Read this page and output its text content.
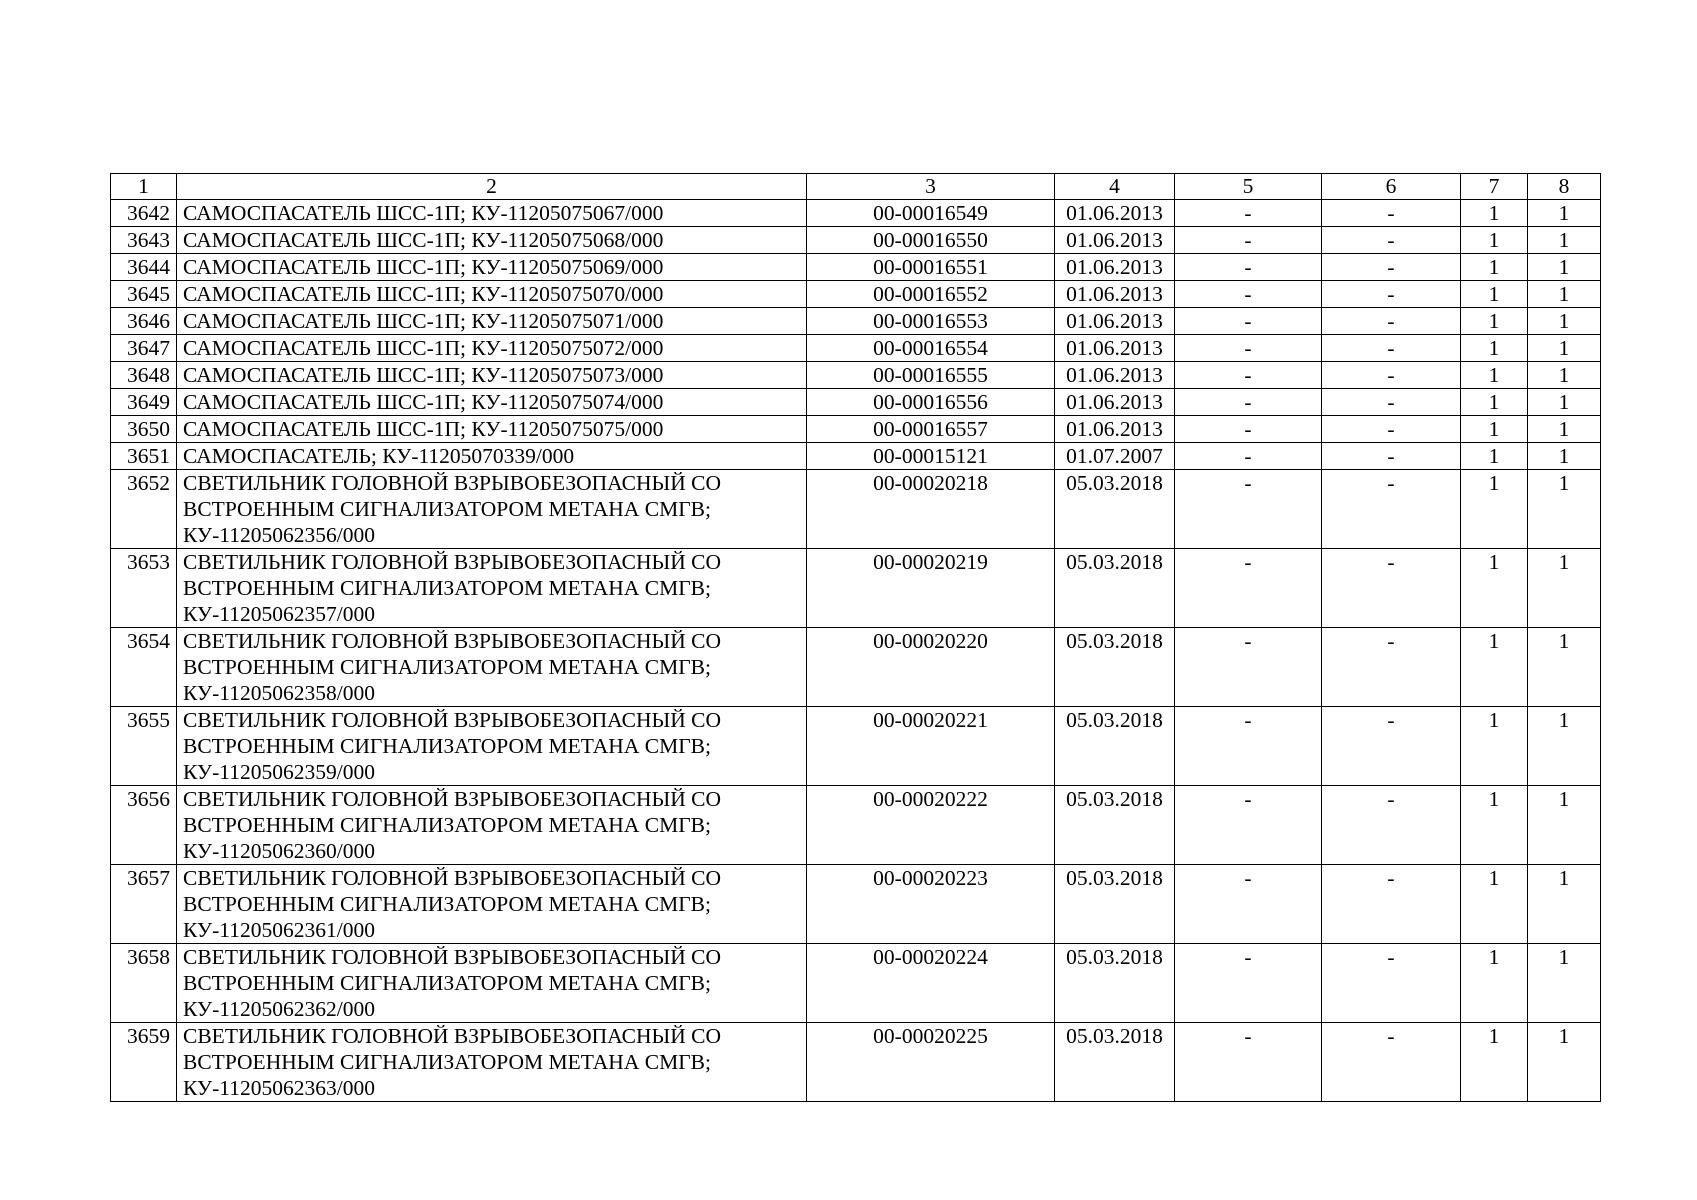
1	2	3	4	5	6	7	8
3642	САМОСПАСАТЕЛЬ ШСС-1П; КУ-11205075067/000	00-00016549	01.06.2013	-	-	1	1
3643	САМОСПАСАТЕЛЬ ШСС-1П; КУ-11205075068/000	00-00016550	01.06.2013	-	-	1	1
3644	САМОСПАСАТЕЛЬ ШСС-1П; КУ-11205075069/000	00-00016551	01.06.2013	-	-	1	1
3645	САМОСПАСАТЕЛЬ ШСС-1П; КУ-11205075070/000	00-00016552	01.06.2013	-	-	1	1
3646	САМОСПАСАТЕЛЬ ШСС-1П; КУ-11205075071/000	00-00016553	01.06.2013	-	-	1	1
3647	САМОСПАСАТЕЛЬ ШСС-1П; КУ-11205075072/000	00-00016554	01.06.2013	-	-	1	1
3648	САМОСПАСАТЕЛЬ ШСС-1П; КУ-11205075073/000	00-00016555	01.06.2013	-	-	1	1
3649	САМОСПАСАТЕЛЬ ШСС-1П; КУ-11205075074/000	00-00016556	01.06.2013	-	-	1	1
3650	САМОСПАСАТЕЛЬ ШСС-1П; КУ-11205075075/000	00-00016557	01.06.2013	-	-	1	1
3651	САМОСПАСАТЕЛЬ; КУ-11205070339/000	00-00015121	01.07.2007	-	-	1	1
3652	СВЕТИЛЬНИК ГОЛОВНОЙ ВЗРЫВОБЕЗОПАСНЫЙ СО
ВСТРОЕННЫМ СИГНАЛИЗАТОРОМ МЕТАНА СМГВ;
КУ-11205062356/000	00-00020218	05.03.2018	-	-	1	1
3653	СВЕТИЛЬНИК ГОЛОВНОЙ ВЗРЫВОБЕЗОПАСНЫЙ СО
ВСТРОЕННЫМ СИГНАЛИЗАТОРОМ МЕТАНА СМГВ;
КУ-11205062357/000	00-00020219	05.03.2018	-	-	1	1
3654	СВЕТИЛЬНИК ГОЛОВНОЙ ВЗРЫВОБЕЗОПАСНЫЙ СО
ВСТРОЕННЫМ СИГНАЛИЗАТОРОМ МЕТАНА СМГВ;
КУ-11205062358/000	00-00020220	05.03.2018	-	-	1	1
3655	СВЕТИЛЬНИК ГОЛОВНОЙ ВЗРЫВОБЕЗОПАСНЫЙ СО
ВСТРОЕННЫМ СИГНАЛИЗАТОРОМ МЕТАНА СМГВ;
КУ-11205062359/000	00-00020221	05.03.2018	-	-	1	1
3656	СВЕТИЛЬНИК ГОЛОВНОЙ ВЗРЫВОБЕЗОПАСНЫЙ СО
ВСТРОЕННЫМ СИГНАЛИЗАТОРОМ МЕТАНА СМГВ;
КУ-11205062360/000	00-00020222	05.03.2018	-	-	1	1
3657	СВЕТИЛЬНИК ГОЛОВНОЙ ВЗРЫВОБЕЗОПАСНЫЙ СО
ВСТРОЕННЫМ СИГНАЛИЗАТОРОМ МЕТАНА СМГВ;
КУ-11205062361/000	00-00020223	05.03.2018	-	-	1	1
3658	СВЕТИЛЬНИК ГОЛОВНОЙ ВЗРЫВОБЕЗОПАСНЫЙ СО
ВСТРОЕННЫМ СИГНАЛИЗАТОРОМ МЕТАНА СМГВ;
КУ-11205062362/000	00-00020224	05.03.2018	-	-	1	1
3659	СВЕТИЛЬНИК ГОЛОВНОЙ ВЗРЫВОБЕЗОПАСНЫЙ СО
ВСТРОЕННЫМ СИГНАЛИЗАТОРОМ МЕТАНА СМГВ;
КУ-11205062363/000	00-00020225	05.03.2018	-	-	1	1
